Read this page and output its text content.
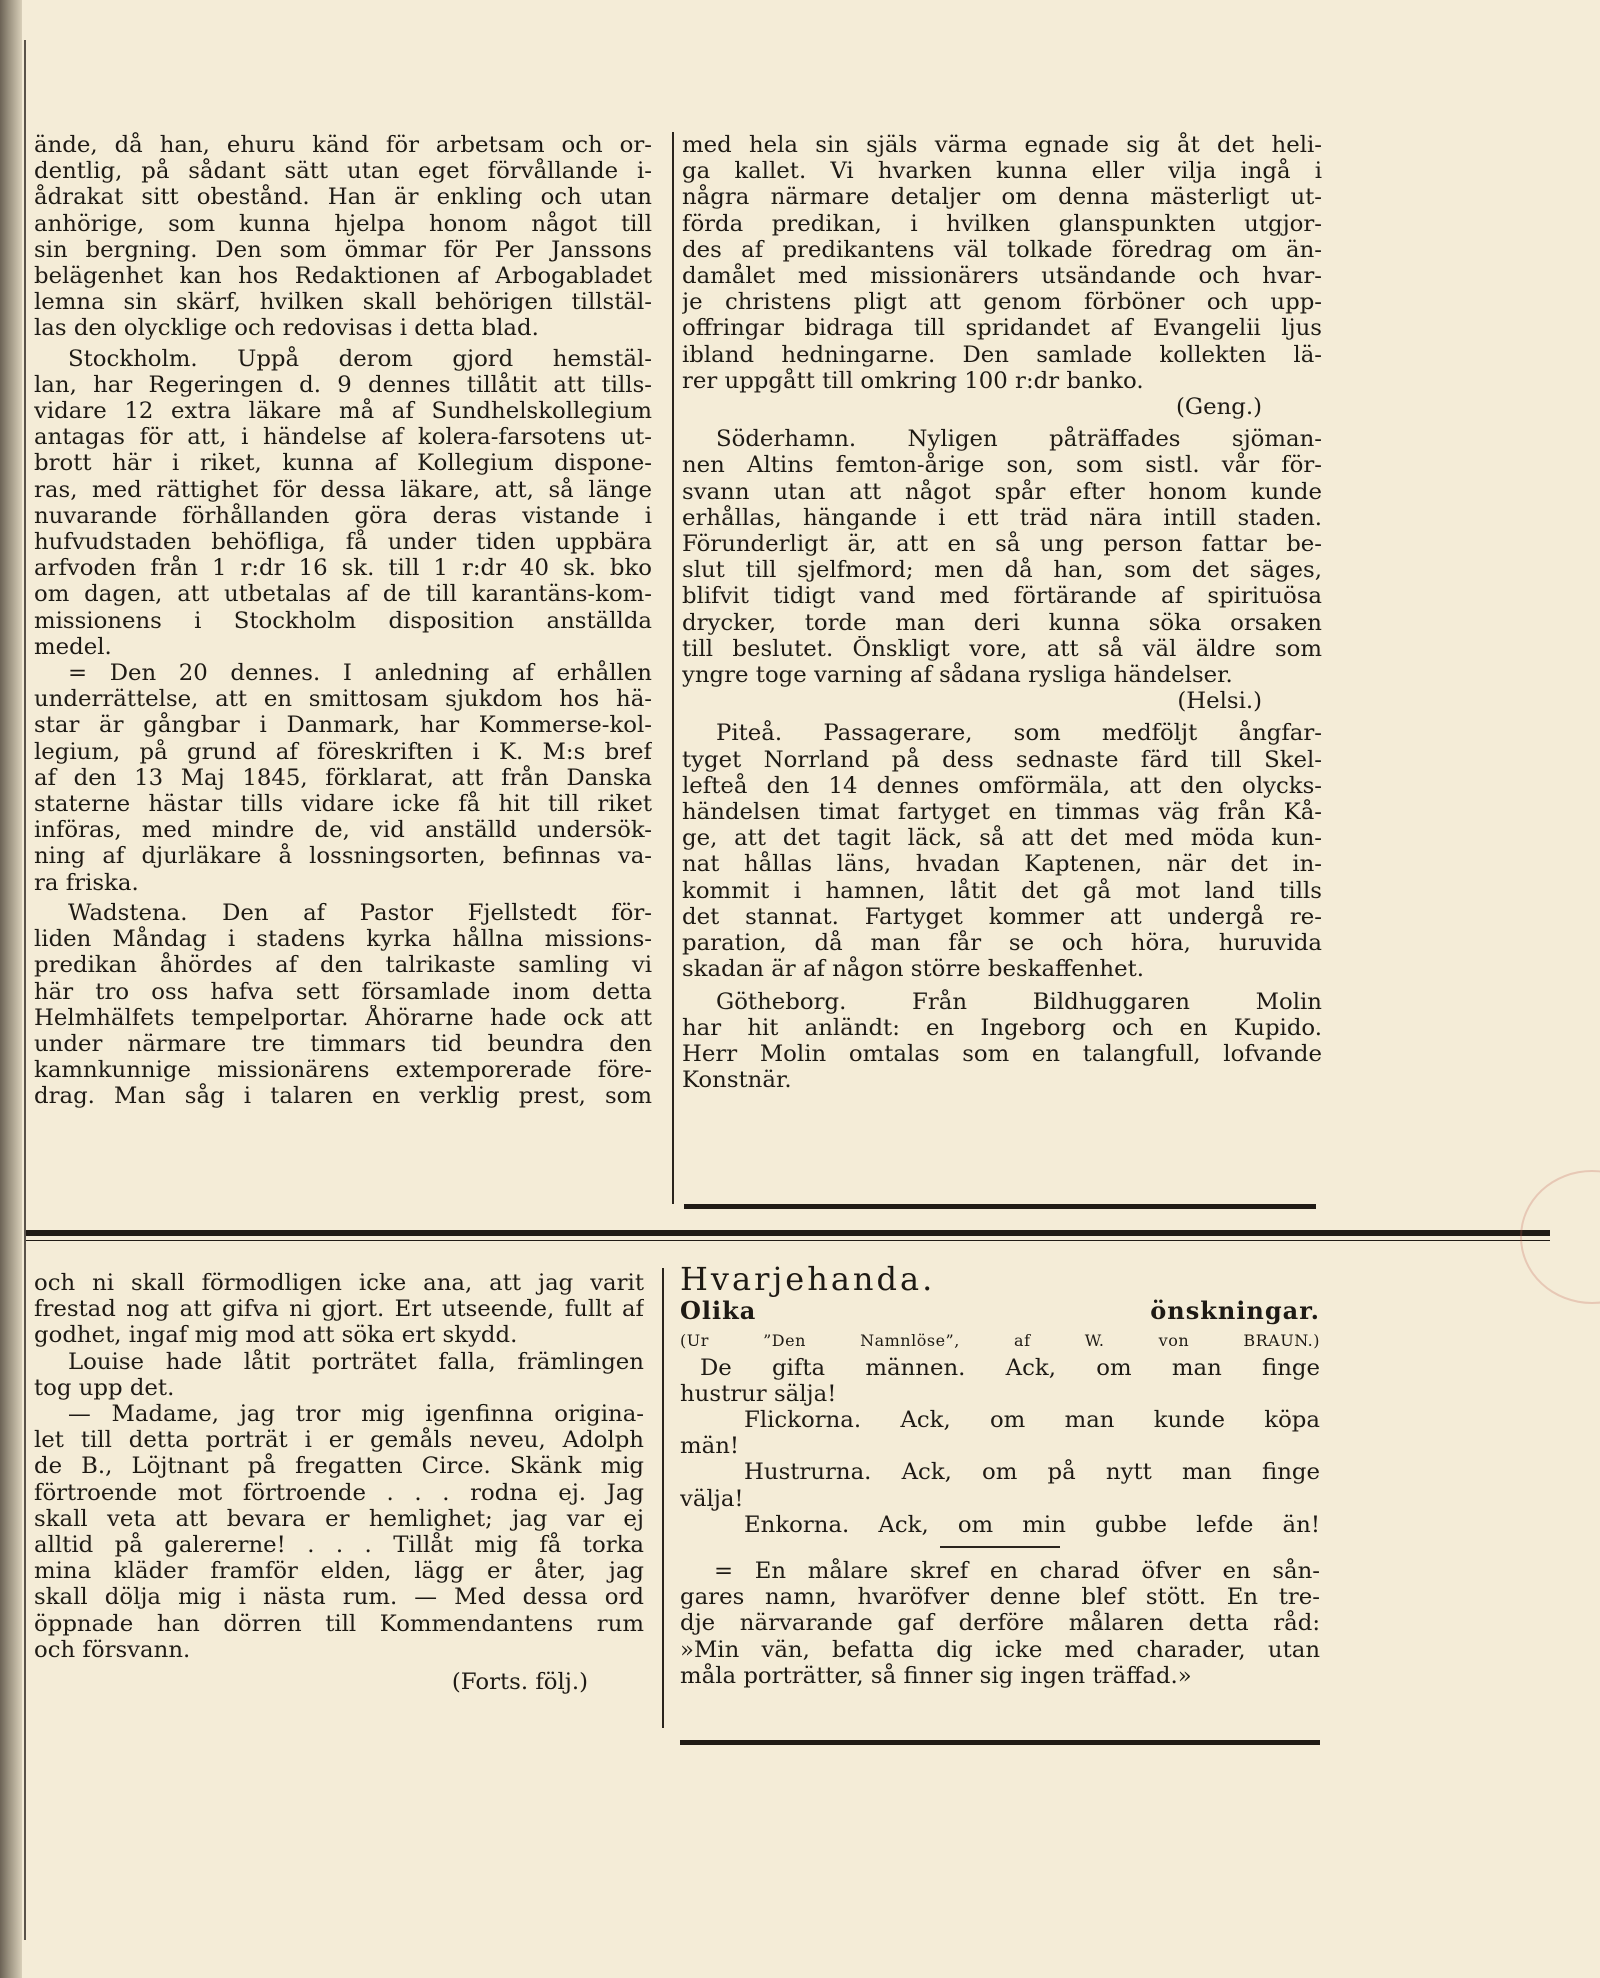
ände, då han, ehuru känd för arbetsam och or-

dentlig, på sådant sätt utan eget förvållande i-

ådrakat sitt obestånd. Han är enkling och utan

anhörige, som kunna hjelpa honom något till

sin bergning. Den som ömmar för Per Janssons

belägenhet kan hos Redaktionen af Arbogabladet

lemna sin skärf, hvilken skall behörigen tillstäl-

las den olycklige och redovisas i detta blad.

Stockholm. Uppå derom gjord hemstäl-

lan, har Regeringen d. 9 dennes tillåtit att tills-

vidare 12 extra läkare må af Sundhelskollegium

antagas för att, i händelse af kolera-farsotens ut-

brott här i riket, kunna af Kollegium dispone-

ras, med rättighet för dessa läkare, att, så länge

nuvarande förhållanden göra deras vistande i

hufvudstaden behöfliga, få under tiden uppbära

arfvoden från 1 r:dr 16 sk. till 1 r:dr 40 sk. bko

om dagen, att utbetalas af de till karantäns-kom-

missionens i Stockholm disposition anställda

medel.

= Den 20 dennes. I anledning af erhållen

underrättelse, att en smittosam sjukdom hos hä-

star är gångbar i Danmark, har Kommerse-kol-

legium, på grund af föreskriften i K. M:s bref

af den 13 Maj 1845, förklarat, att från Danska

staterne hästar tills vidare icke få hit till riket

införas, med mindre de, vid anställd undersök-

ning af djurläkare å lossningsorten, befinnas va-

ra friska.

Wadstena. Den af Pastor Fjellstedt för-

liden Måndag i stadens kyrka hållna missions-

predikan åhördes af den talrikaste samling vi

här tro oss hafva sett församlade inom detta

Helmhälfets tempelportar. Åhörarne hade ock att

under närmare tre timmars tid beundra den

kamnkunnige missionärens extemporerade före-

drag. Man såg i talaren en verklig prest, som

med hela sin själs värma egnade sig åt det heli-

ga kallet. Vi hvarken kunna eller vilja ingå i

några närmare detaljer om denna mästerligt ut-

förda predikan, i hvilken glanspunkten utgjor-

des af predikantens väl tolkade föredrag om än-

damålet med missionärers utsändande och hvar-

je christens pligt att genom förböner och upp-

offringar bidraga till spridandet af Evangelii ljus

ibland hedningarne. Den samlade kollekten lä-

rer uppgått till omkring 100 r:dr banko.

(Geng.)

Söderhamn. Nyligen påträffades sjöman-

nen Altins femton-årige son, som sistl. vår för-

svann utan att något spår efter honom kunde

erhållas, hängande i ett träd nära intill staden.

Förunderligt är, att en så ung person fattar be-

slut till sjelfmord; men då han, som det säges,

blifvit tidigt vand med förtärande af spirituösa

drycker, torde man deri kunna söka orsaken

till beslutet. Önskligt vore, att så väl äldre som

yngre toge varning af sådana rysliga händelser.

(Helsi.)

Piteå. Passagerare, som medföljt ångfar-

tyget Norrland på dess sednaste färd till Skel-

lefteå den 14 dennes omförmäla, att den olycks-

händelsen timat fartyget en timmas väg från Kå-

ge, att det tagit läck, så att det med möda kun-

nat hållas läns, hvadan Kaptenen, när det in-

kommit i hamnen, låtit det gå mot land tills

det stannat. Fartyget kommer att undergå re-

paration, då man får se och höra, huruvida

skadan är af någon större beskaffenhet.

Götheborg. Från Bildhuggaren Molin

har hit anländt: en Ingeborg och en Kupido.

Herr Molin omtalas som en talangfull, lofvande

Konstnär.

och ni skall förmodligen icke ana, att jag varit

frestad nog att gifva ni gjort. Ert utseende, fullt af

godhet, ingaf mig mod att söka ert skydd.

Louise hade låtit porträtet falla, främlingen

tog upp det.

— Madame, jag tror mig igenfinna origina-

let till detta porträt i er gemåls neveu, Adolph

de B., Löjtnant på fregatten Circe. Skänk mig

förtroende mot förtroende . . . rodna ej. Jag

skall veta att bevara er hemlighet; jag var ej

alltid på galererne! . . . Tillåt mig få torka

mina kläder framför elden, lägg er åter, jag

skall dölja mig i nästa rum. — Med dessa ord

öppnade han dörren till Kommendantens rum

och försvann.

(Forts. följ.)

Hvarjehanda.
Olika önskningar.
(Ur ”Den Namnlöse”, af W. von BRAUN.)

De gifta männen. Ack, om man finge

hustrur sälja!

Flickorna. Ack, om man kunde köpa

män!

Hustrurna. Ack, om på nytt man finge

välja!

Enkorna. Ack, om min gubbe lefde än!

= En målare skref en charad öfver en sån-

gares namn, hvaröfver denne blef stött. En tre-

dje närvarande gaf derföre målaren detta råd:

»Min vän, befatta dig icke med charader, utan

måla porträtter, så finner sig ingen träffad.»
